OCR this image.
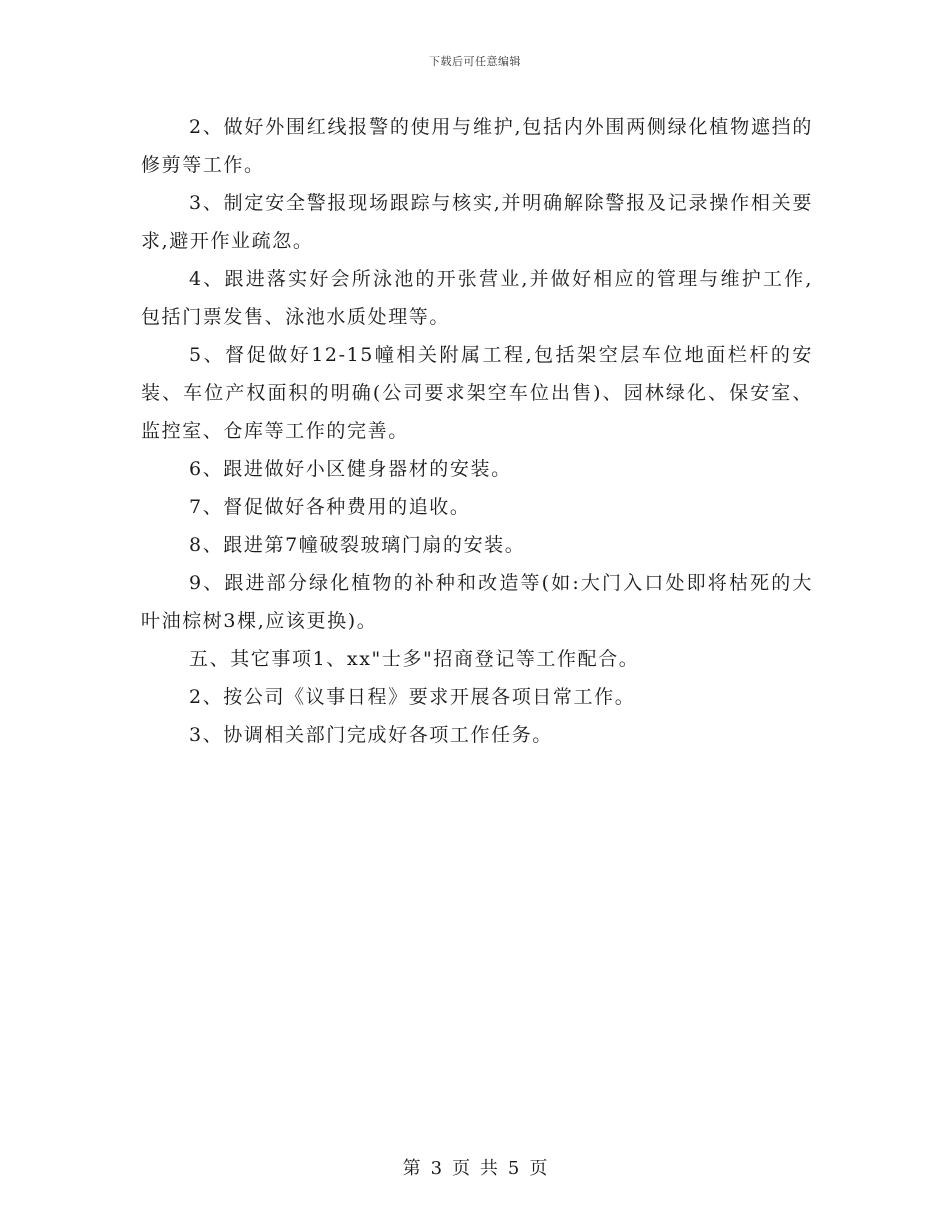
下载后可任意编辑

2、做好外围红线报警的使用与维护,包括内外围两侧绿化植物遮挡的修剪等工作。

3、制定安全警报现场跟踪与核实,并明确解除警报及记录操作相关要求,避开作业疏忽。

4、跟进落实好会所泳池的开张营业,并做好相应的管理与维护工作,包括门票发售、泳池水质处理等。

5、督促做好12-15幢相关附属工程,包括架空层车位地面栏杆的安装、车位产权面积的明确(公司要求架空车位出售)、园林绿化、保安室、监控室、仓库等工作的完善。

6、跟进做好小区健身器材的安装。

7、督促做好各种费用的追收。

8、跟进第7幢破裂玻璃门扇的安装。

9、跟进部分绿化植物的补种和改造等(如:大门入口处即将枯死的大叶油棕树3棵,应该更换)。

五、其它事项1、xx"士多"招商登记等工作配合。

2、按公司《议事日程》要求开展各项日常工作。

3、协调相关部门完成好各项工作任务。

第 3 页 共 5 页
